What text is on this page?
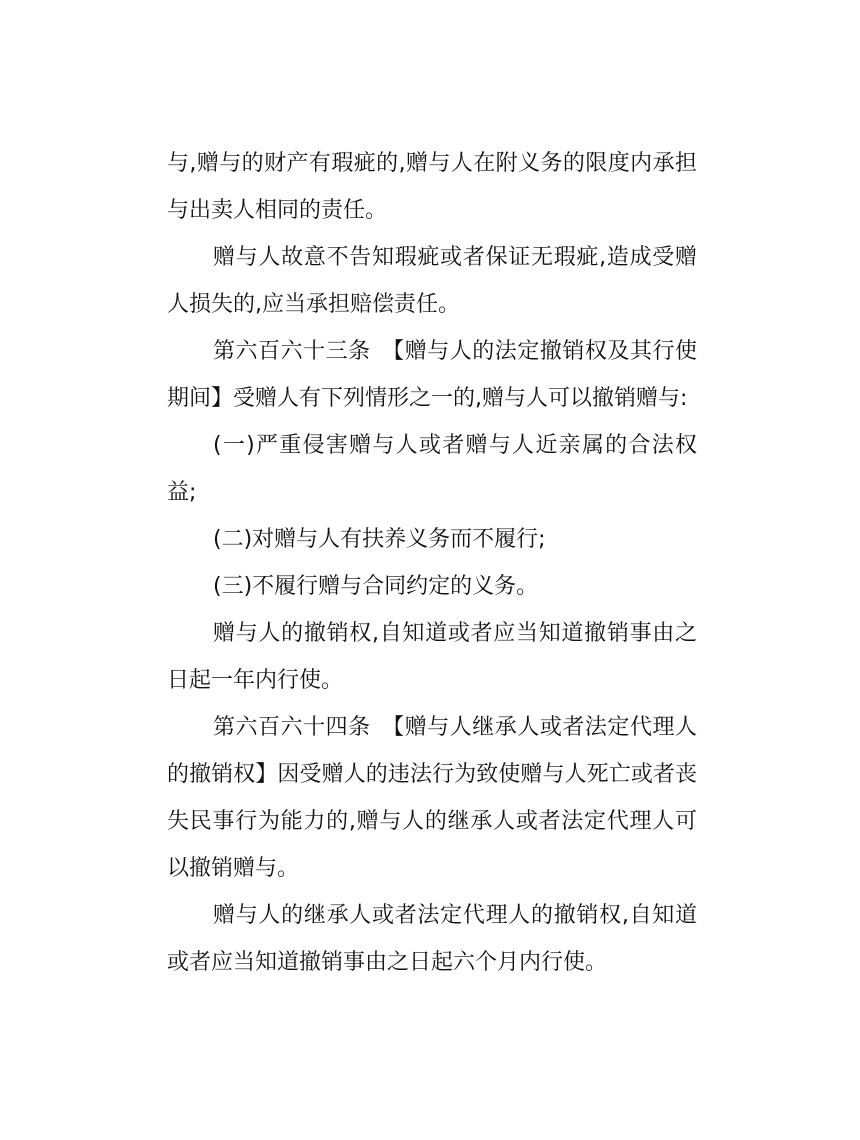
与,赠与的财产有瑕疵的,赠与人在附义务的限度内承担与出卖人相同的责任。

赠与人故意不告知瑕疵或者保证无瑕疵,造成受赠人损失的,应当承担赔偿责任。

第六百六十三条　【赠与人的法定撤销权及其行使期间】受赠人有下列情形之一的,赠与人可以撤销赠与:

(一)严重侵害赠与人或者赠与人近亲属的合法权益;

(二)对赠与人有扶养义务而不履行;

(三)不履行赠与合同约定的义务。

赠与人的撤销权,自知道或者应当知道撤销事由之日起一年内行使。

第六百六十四条　【赠与人继承人或者法定代理人的撤销权】因受赠人的违法行为致使赠与人死亡或者丧失民事行为能力的,赠与人的继承人或者法定代理人可以撤销赠与。

赠与人的继承人或者法定代理人的撤销权,自知道或者应当知道撤销事由之日起六个月内行使。
